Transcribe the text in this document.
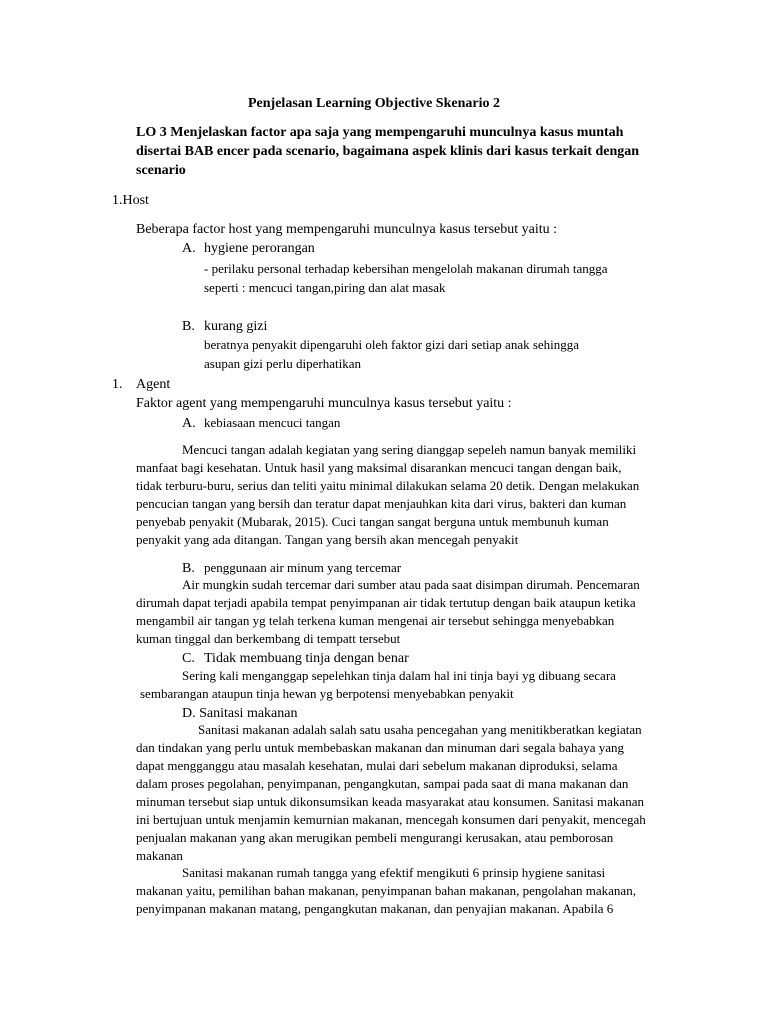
Penjelasan Learning Objective Skenario 2
LO 3 Menjelaskan factor apa saja yang mempengaruhi munculnya kasus muntah
disertai BAB encer pada scenario, bagaimana aspek klinis dari kasus terkait dengan
scenario
1.Host
Beberapa factor host yang mempengaruhi munculnya kasus tersebut yaitu :
A. hygiene perorangan
- perilaku personal terhadap kebersihan mengelolah makanan dirumah tangga
seperti : mencuci tangan,piring dan alat masak
B. kurang gizi
beratnya penyakit dipengaruhi oleh faktor gizi dari setiap anak sehingga
asupan gizi perlu diperhatikan
1. Agent
Faktor agent yang mempengaruhi munculnya kasus tersebut yaitu :
A. kebiasaan mencuci tangan
Mencuci tangan adalah kegiatan yang sering dianggap sepeleh namun banyak memiliki
manfaat bagi kesehatan. Untuk hasil yang maksimal disarankan mencuci tangan dengan baik,
tidak terburu-buru, serius dan teliti yaitu minimal dilakukan selama 20 detik. Dengan melakukan
pencucian tangan yang bersih dan teratur dapat menjauhkan kita dari virus, bakteri dan kuman
penyebab penyakit (Mubarak, 2015). Cuci tangan sangat berguna untuk membunuh kuman
penyakit yang ada ditangan. Tangan yang bersih akan mencegah penyakit
B. penggunaan air minum yang tercemar
Air mungkin sudah tercemar dari sumber atau pada saat disimpan dirumah. Pencemaran
dirumah dapat terjadi apabila tempat penyimpanan air tidak tertutup dengan baik ataupun ketika
mengambil air tangan yg telah terkena kuman mengenai air tersebut sehingga menyebabkan
kuman tinggal dan berkembang di tempatt tersebut
C. Tidak membuang tinja dengan benar
Sering kali menganggap sepelehkan tinja dalam hal ini tinja bayi yg dibuang secara
sembarangan ataupun tinja hewan yg berpotensi menyebabkan penyakit
D. Sanitasi makanan
Sanitasi makanan adalah salah satu usaha pencegahan yang menitikberatkan kegiatan
dan tindakan yang perlu untuk membebaskan makanan dan minuman dari segala bahaya yang
dapat mengganggu atau masalah kesehatan, mulai dari sebelum makanan diproduksi, selama
dalam proses pegolahan, penyimpanan, pengangkutan, sampai pada saat di mana makanan dan
minuman tersebut siap untuk dikonsumsikan keada masyarakat atau konsumen. Sanitasi makanan
ini bertujuan untuk menjamin kemurnian makanan, mencegah konsumen dari penyakit, mencegah
penjualan makanan yang akan merugikan pembeli mengurangi kerusakan, atau pemborosan
makanan
Sanitasi makanan rumah tangga yang efektif mengikuti 6 prinsip hygiene sanitasi
makanan yaitu, pemilihan bahan makanan, penyimpanan bahan makanan, pengolahan makanan,
penyimpanan makanan matang, pengangkutan makanan, dan penyajian makanan. Apabila 6
